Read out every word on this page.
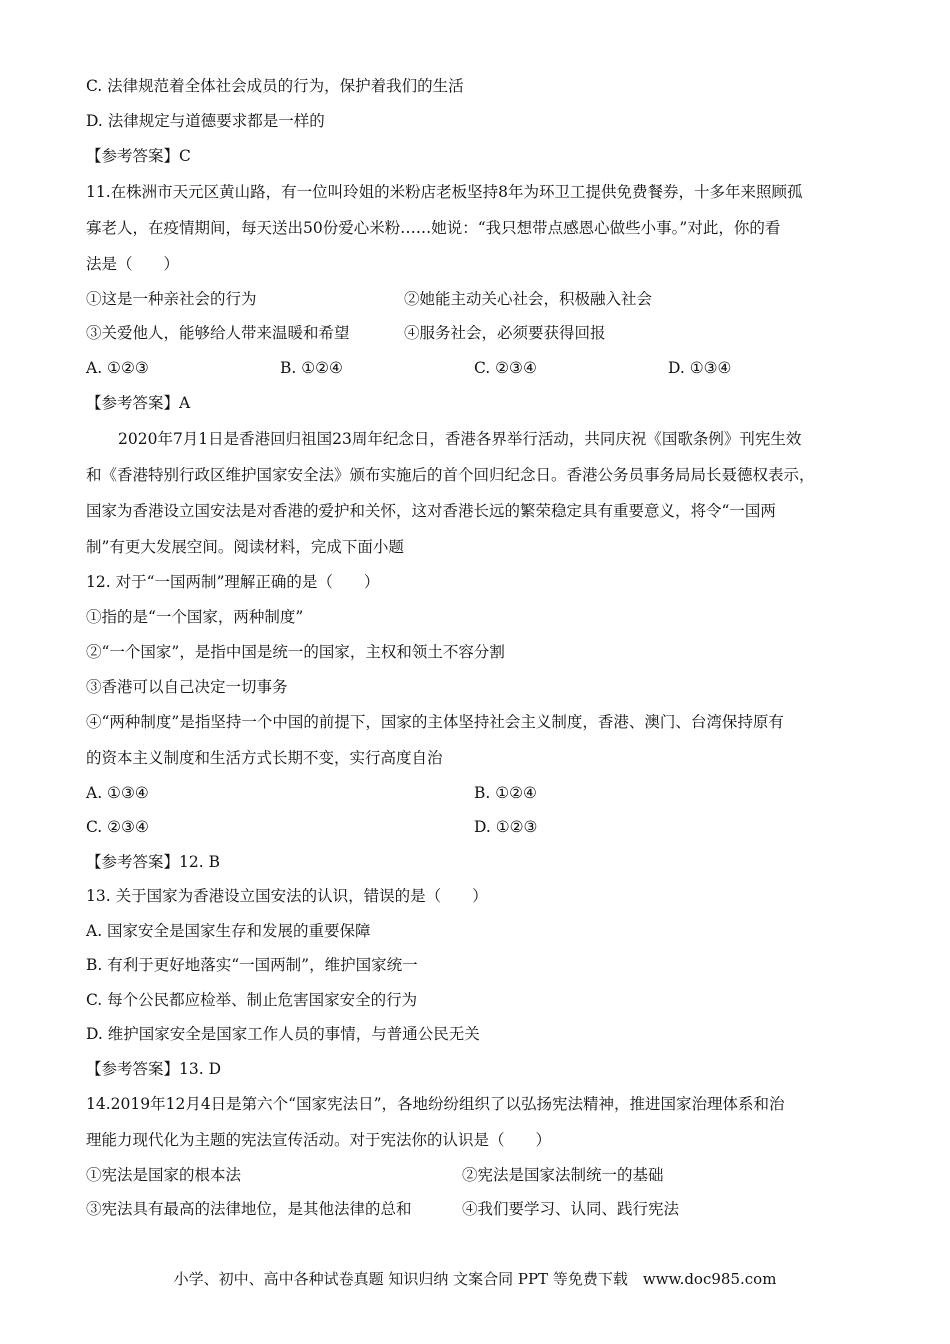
C. 法律规范着全体社会成员的行为，保护着我们的生活
D. 法律规定与道德要求都是一样的
【参考答案】C
11.在株洲市天元区黄山路，有一位叫玲姐的米粉店老板坚持8年为环卫工提供免费餐券，十多年来照顾孤
寡老人，在疫情期间，每天送出50份爱心米粉……她说：“我只想带点感恩心做些小事。”对此，你的看
法是（　　）
①这是一种亲社会的行为	②她能主动关心社会，积极融入社会
③关爱他人，能够给人带来温暖和希望	④服务社会，必须要获得回报
A. ①②③	B. ①②④	C. ②③④	D. ①③④
【参考答案】A
2020年7月1日是香港回归祖国23周年纪念日，香港各界举行活动，共同庆祝《国歌条例》刊宪生效
和《香港特别行政区维护国家安全法》颁布实施后的首个回归纪念日。香港公务员事务局局长聂德权表示，
国家为香港设立国安法是对香港的爱护和关怀，这对香港长远的繁荣稳定具有重要意义，将令“一国两
制”有更大发展空间。阅读材料，完成下面小题
12. 对于“一国两制”理解正确的是（　　）
①指的是“一个国家，两种制度”
②“一个国家”，是指中国是统一的国家，主权和领土不容分割
③香港可以自己决定一切事务
④“两种制度”是指坚持一个中国的前提下，国家的主体坚持社会主义制度，香港、澳门、台湾保持原有
的资本主义制度和生活方式长期不变，实行高度自治
A. ①③④	B. ①②④
C. ②③④	D. ①②③
【参考答案】12. B
13. 关于国家为香港设立国安法的认识，错误的是（　　）
A. 国家安全是国家生存和发展的重要保障
B. 有利于更好地落实“一国两制”，维护国家统一
C. 每个公民都应检举、制止危害国家安全的行为
D. 维护国家安全是国家工作人员的事情，与普通公民无关
【参考答案】13. D
14.2019年12月4日是第六个“国家宪法日”，各地纷纷组织了以弘扬宪法精神，推进国家治理体系和治
理能力现代化为主题的宪法宣传活动。对于宪法你的认识是（　　）
①宪法是国家的根本法	②宪法是国家法制统一的基础
③宪法具有最高的法律地位，是其他法律的总和	④我们要学习、认同、践行宪法
小学、初中、高中各种试卷真题 知识归纳 文案合同 PPT 等免费下载　www.doc985.com
